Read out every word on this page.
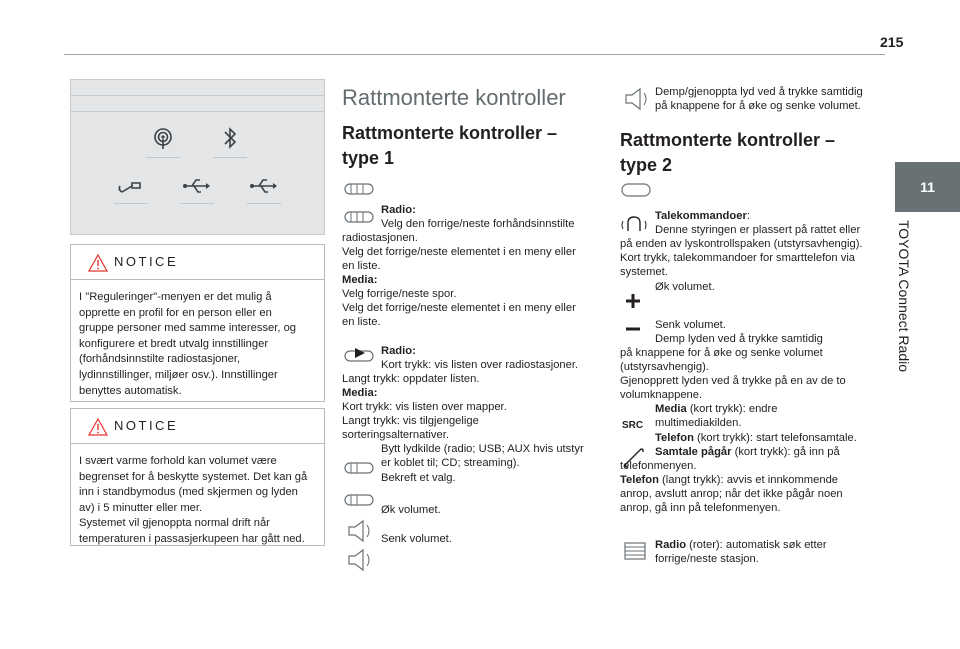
215
11
TOYOTA Connect Radio
NOTICE
I "Reguleringer"-menyen er det mulig å
opprette en profil for en person eller en
gruppe personer med samme interesser, og
konfigurere et bredt utvalg innstillinger
(forhåndsinnstilte radiostasjoner,
lydinnstillinger, miljøer osv.). Innstillinger
benyttes automatisk.
NOTICE
I svært varme forhold kan volumet være
begrenset for å beskytte systemet. Det kan gå
inn i standbymodus (med skjermen og lyden
av) i 5 minutter eller mer.
Systemet vil gjenoppta normal drift når
temperaturen i passasjerkupeen har gått ned.
Rattmonterte kontroller
Rattmonterte kontroller –
type 1
Radio:
Velg den forrige/neste forhåndsinnstilte
radiostasjonen.
Velg det forrige/neste elementet i en meny eller
en liste.
Media:
Velg forrige/neste spor.
Velg det forrige/neste elementet i en meny eller
en liste.
Radio:
Kort trykk: vis listen over radiostasjoner.
Langt trykk: oppdater listen.
Media:
Kort trykk: vis listen over mapper.
Langt trykk: vis tilgjengelige
sorteringsalternativer.
Bytt lydkilde (radio; USB; AUX hvis utstyr
er koblet til; CD; streaming).
Bekreft et valg.
Øk volumet.
Senk volumet.
Demp/gjenoppta lyd ved å trykke samtidig
på knappene for å øke og senke volumet.
Rattmonterte kontroller –
type 2
SRC
Talekommandoer:
Denne styringen er plassert på rattet eller
på enden av lyskontrollspaken (utstyrsavhengig).
Kort trykk, talekommandoer for smarttelefon via
systemet.
Øk volumet.
Senk volumet.
Demp lyden ved å trykke samtidig
på knappene for å øke og senke volumet
(utstyrsavhengig).
Gjenopprett lyden ved å trykke på en av de to
volumknappene.
Media (kort trykk): endre
multimediakilden.
Telefon (kort trykk): start telefonsamtale.
Samtale pågår (kort trykk): gå inn på
telefonmenyen.
Telefon (langt trykk): avvis et innkommende
anrop, avslutt anrop; når det ikke pågår noen
anrop, gå inn på telefonmenyen.
Radio (roter): automatisk søk etter
forrige/neste stasjon.
